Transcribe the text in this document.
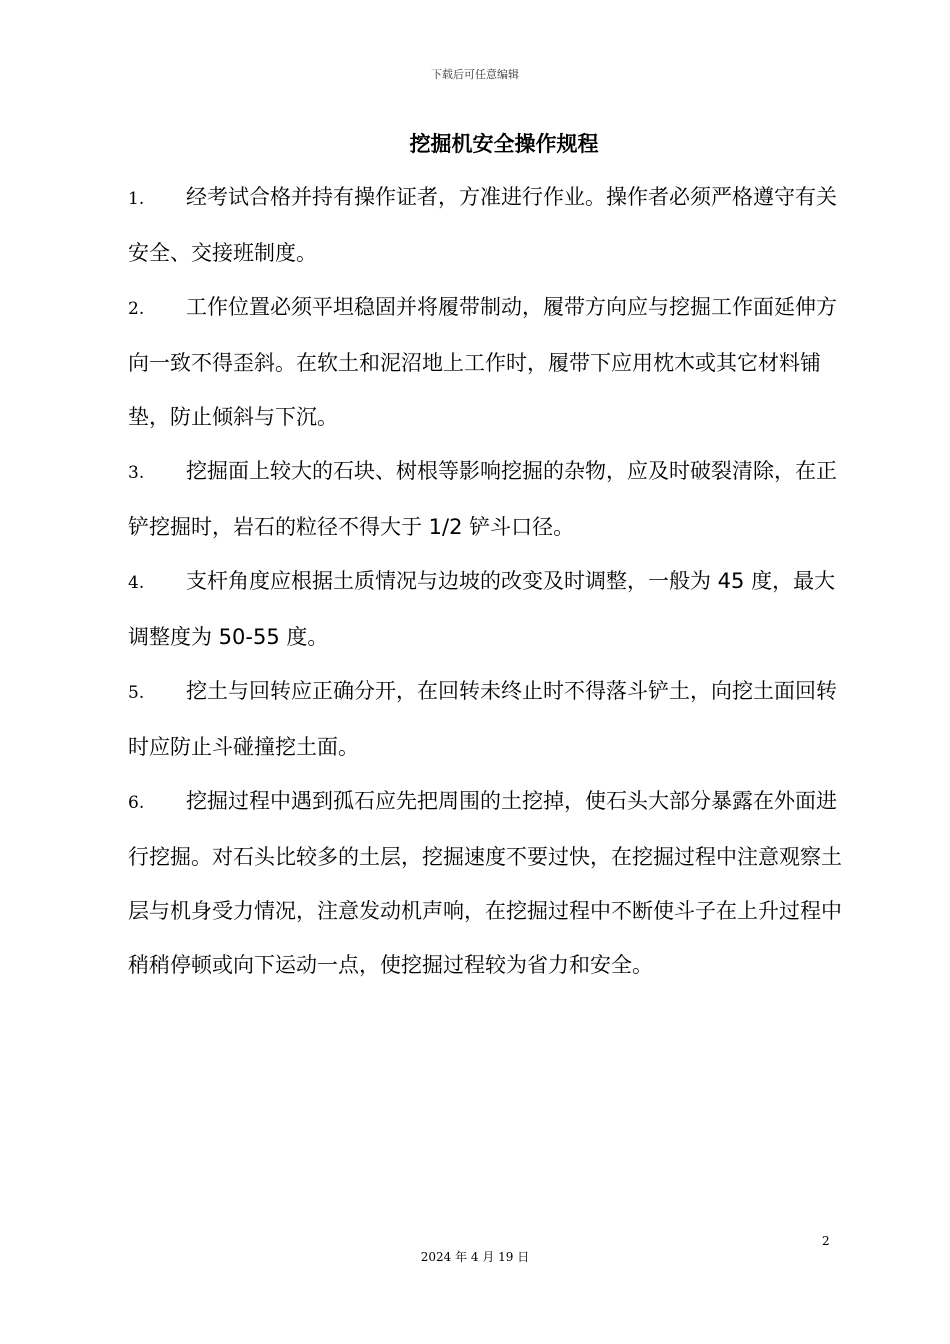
下载后可任意编辑
挖掘机安全操作规程

1. 经考试合格并持有操作证者，方准进行作业。操作者必须严格遵守有关安全、交接班制度。

2. 工作位置必须平坦稳固并将履带制动，履带方向应与挖掘工作面延伸方向一致不得歪斜。在软土和泥沼地上工作时，履带下应用枕木或其它材料铺垫，防止倾斜与下沉。

3. 挖掘面上较大的石块、树根等影响挖掘的杂物，应及时破裂清除，在正铲挖掘时，岩石的粒径不得大于 1/2 铲斗口径。

4. 支杆角度应根据土质情况与边坡的改变及时调整，一般为 45 度，最大调整度为 50-55 度。

5. 挖土与回转应正确分开，在回转未终止时不得落斗铲土，向挖土面回转时应防止斗碰撞挖土面。

6. 挖掘过程中遇到孤石应先把周围的土挖掉，使石头大部分暴露在外面进行挖掘。对石头比较多的土层，挖掘速度不要过快，在挖掘过程中注意观察土层与机身受力情况，注意发动机声响，在挖掘过程中不断使斗子在上升过程中稍稍停顿或向下运动一点，使挖掘过程较为省力和安全。

2
2024 年 4 月 19 日
